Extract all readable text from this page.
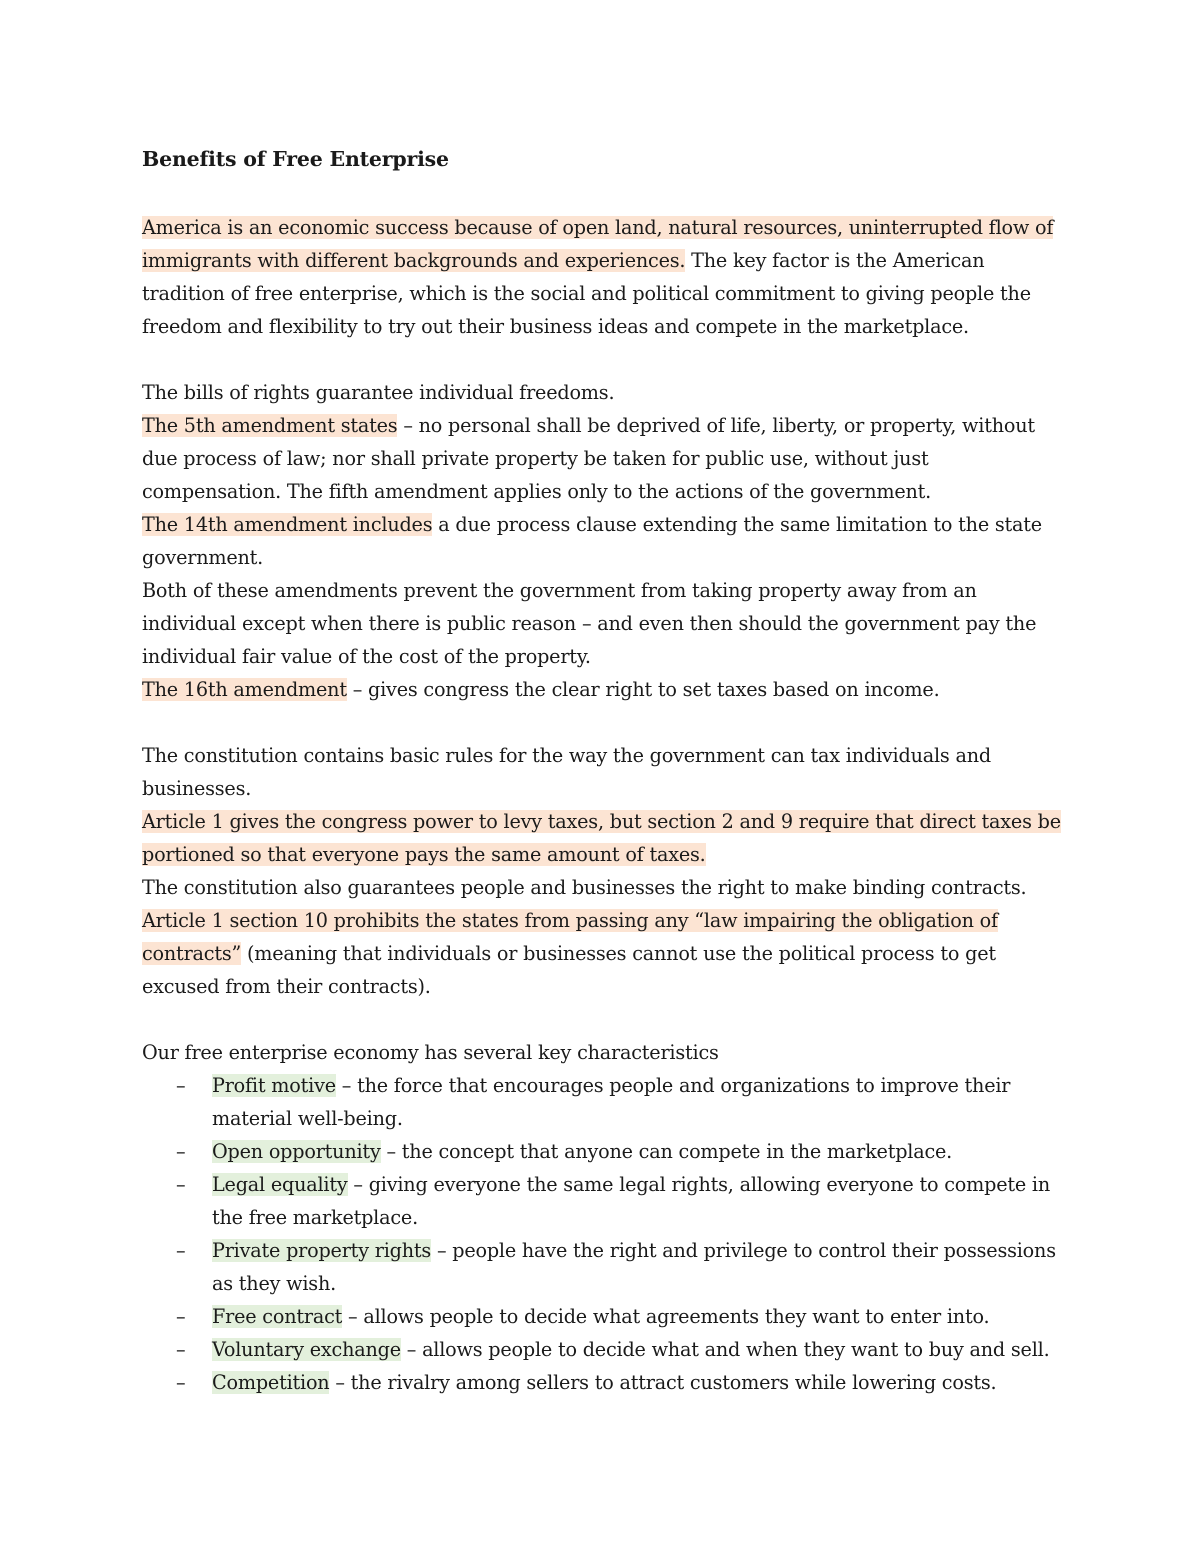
Benefits of Free Enterprise

America is an economic success because of open land, natural resources, uninterrupted flow of immigrants with different backgrounds and experiences. The key factor is the American tradition of free enterprise, which is the social and political commitment to giving people the freedom and flexibility to try out their business ideas and compete in the marketplace.

The bills of rights guarantee individual freedoms.

The 5th amendment states – no personal shall be deprived of life, liberty, or property, without due process of law; nor shall private property be taken for public use, without just compensation. The fifth amendment applies only to the actions of the government.

The 14th amendment includes a due process clause extending the same limitation to the state government.

Both of these amendments prevent the government from taking property away from an individual except when there is public reason – and even then should the government pay the individual fair value of the cost of the property.

The 16th amendment – gives congress the clear right to set taxes based on income.

The constitution contains basic rules for the way the government can tax individuals and businesses.

Article 1 gives the congress power to levy taxes, but section 2 and 9 require that direct taxes be portioned so that everyone pays the same amount of taxes.

The constitution also guarantees people and businesses the right to make binding contracts.

Article 1 section 10 prohibits the states from passing any “law impairing the obligation of contracts” (meaning that individuals or businesses cannot use the political process to get excused from their contracts).

Our free enterprise economy has several key characteristics

– Profit motive – the force that encourages people and organizations to improve their material well-being.
– Open opportunity – the concept that anyone can compete in the marketplace.
– Legal equality – giving everyone the same legal rights, allowing everyone to compete in the free marketplace.
– Private property rights – people have the right and privilege to control their possessions as they wish.
– Free contract – allows people to decide what agreements they want to enter into.
– Voluntary exchange – allows people to decide what and when they want to buy and sell.
– Competition – the rivalry among sellers to attract customers while lowering costs.
